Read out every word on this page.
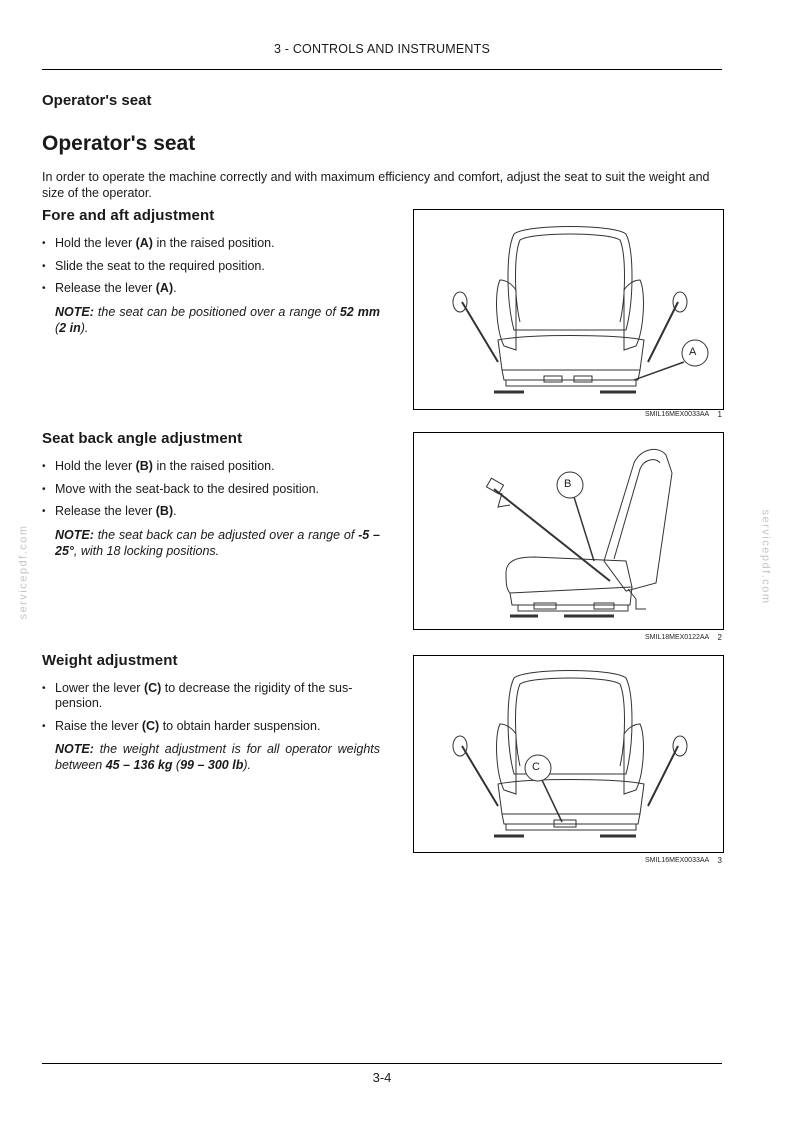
3 - CONTROLS AND INSTRUMENTS
Operator's seat
Operator's seat

In order to operate the machine correctly and with maximum efficiency and comfort, adjust the seat to suit the weight and size of the operator.

Fore and aft adjustment
• Hold the lever (A) in the raised position.
• Slide the seat to the required position.
• Release the lever (A).

NOTE: the seat can be positioned over a range of 52 mm (2 in).

Seat back angle adjustment
• Hold the lever (B) in the raised position.
• Move with the seat-back to the desired position.
• Release the lever (B).

NOTE: the seat back can be adjusted over a range of -5 – 25°, with 18 locking positions.

Weight adjustment
• Lower the lever (C) to decrease the rigidity of the sus-pension.
• Raise the lever (C) to obtain harder suspension.

NOTE: the weight adjustment is for all operator weights between 45 – 136 kg (99 – 300 lb).

A
SMIL16MEX0033AA 1
B
SMIL18MEX0122AA 2
C
SMIL16MEX0033AA 3
servicepdf.com	servicepdf.com
3-4
